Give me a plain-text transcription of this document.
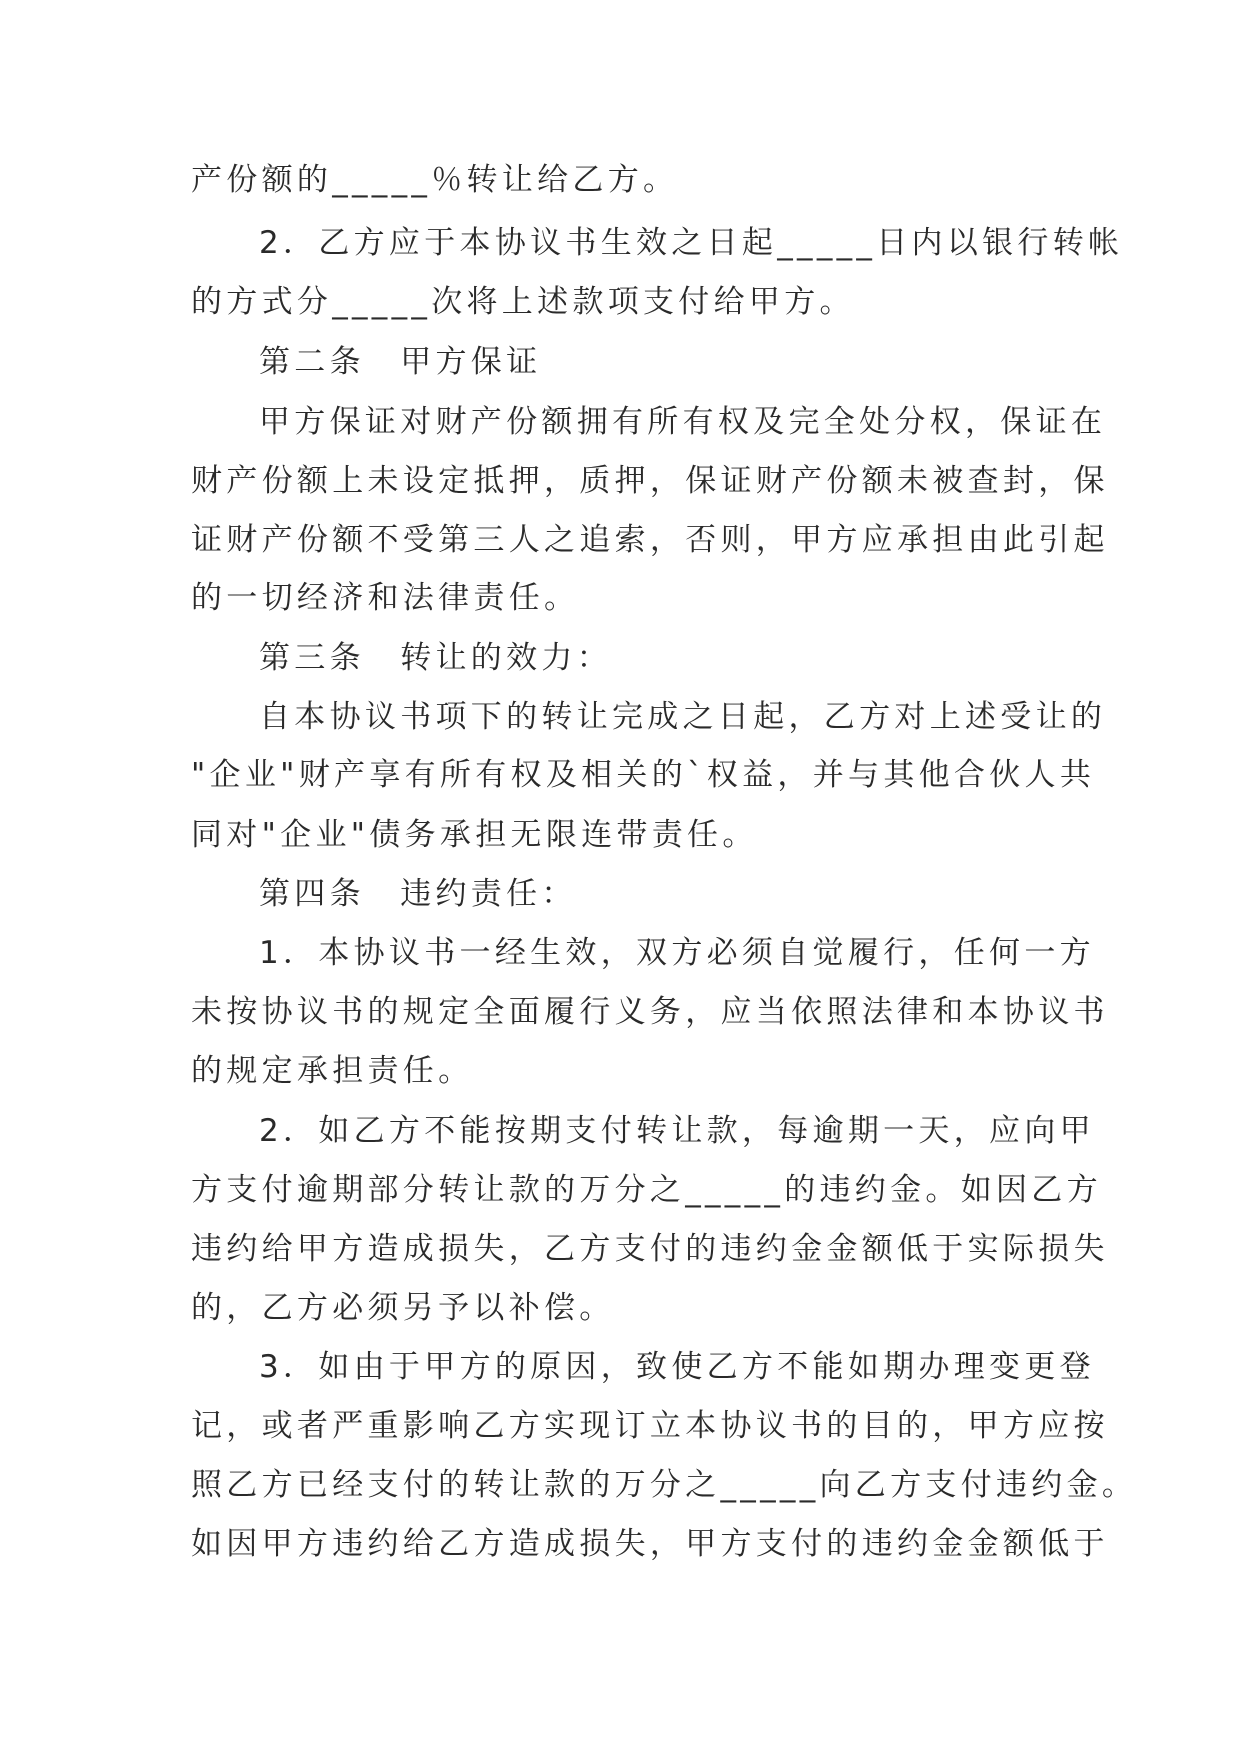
产份额的_____％转让给乙方。
2．乙方应于本协议书生效之日起_____日内以银行转帐
的方式分_____次将上述款项支付给甲方。
第二条　甲方保证
甲方保证对财产份额拥有所有权及完全处分权，保证在
财产份额上未设定抵押，质押，保证财产份额未被查封，保
证财产份额不受第三人之追索，否则，甲方应承担由此引起
的一切经济和法律责任。
第三条　转让的效力：
自本协议书项下的转让完成之日起，乙方对上述受让的
"企业"财产享有所有权及相关的`权益，并与其他合伙人共
同对"企业"债务承担无限连带责任。
第四条　违约责任：
1．本协议书一经生效，双方必须自觉履行，任何一方
未按协议书的规定全面履行义务，应当依照法律和本协议书
的规定承担责任。
2．如乙方不能按期支付转让款，每逾期一天，应向甲
方支付逾期部分转让款的万分之_____的违约金。如因乙方
违约给甲方造成损失，乙方支付的违约金金额低于实际损失
的，乙方必须另予以补偿。
3．如由于甲方的原因，致使乙方不能如期办理变更登
记，或者严重影响乙方实现订立本协议书的目的，甲方应按
照乙方已经支付的转让款的万分之_____向乙方支付违约金。
如因甲方违约给乙方造成损失，甲方支付的违约金金额低于
